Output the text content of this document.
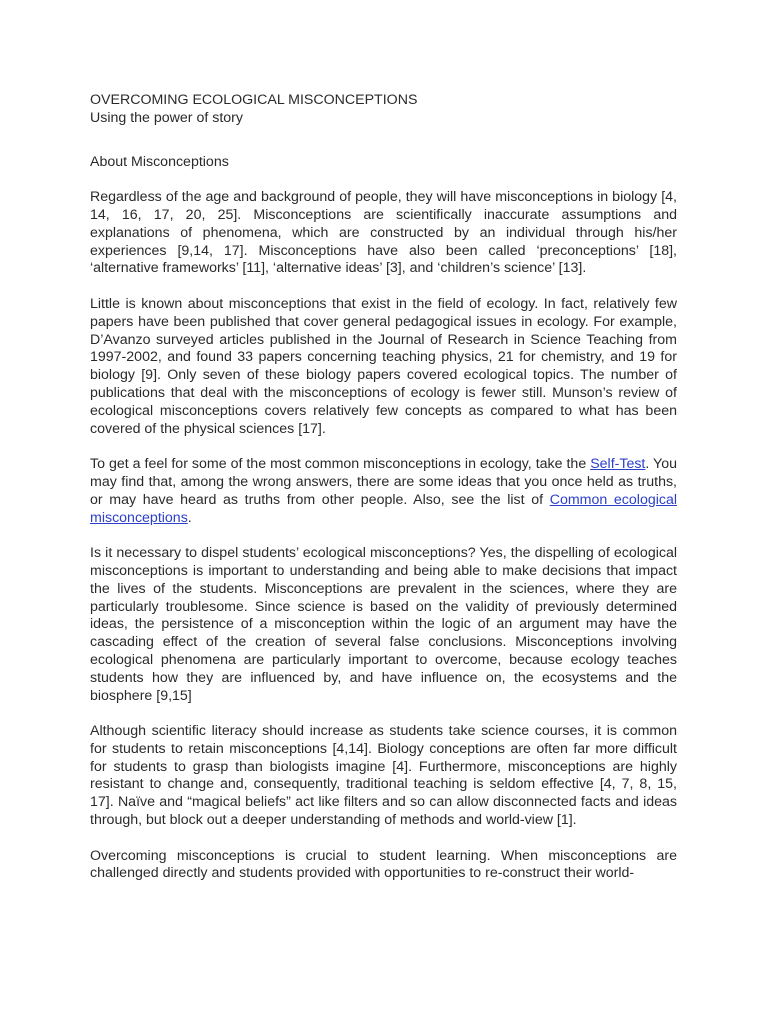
OVERCOMING ECOLOGICAL MISCONCEPTIONS
Using the power of story
About Misconceptions

Regardless of the age and background of people, they will have misconceptions in biology [4, 14, 16, 17, 20, 25]. Misconceptions are scientifically inaccurate assumptions and explanations of phenomena, which are constructed by an individual through his/her experiences [9,14, 17]. Misconceptions have also been called ‘preconceptions’ [18], ‘alternative frameworks’ [11], ‘alternative ideas’ [3], and ‘children’s science’ [13].

Little is known about misconceptions that exist in the field of ecology. In fact, relatively few papers have been published that cover general pedagogical issues in ecology. For example, D’Avanzo surveyed articles published in the Journal of Research in Science Teaching from 1997-2002, and found 33 papers concerning teaching physics, 21 for chemistry, and 19 for biology [9]. Only seven of these biology papers covered ecological topics. The number of publications that deal with the misconceptions of ecology is fewer still. Munson’s review of ecological misconceptions covers relatively few concepts as compared to what has been covered of the physical sciences [17].

To get a feel for some of the most common misconceptions in ecology, take the Self-Test. You may find that, among the wrong answers, there are some ideas that you once held as truths, or may have heard as truths from other people. Also, see the list of Common ecological misconceptions.

Is it necessary to dispel students’ ecological misconceptions? Yes, the dispelling of ecological misconceptions is important to understanding and being able to make decisions that impact the lives of the students. Misconceptions are prevalent in the sciences, where they are particularly troublesome. Since science is based on the validity of previously determined ideas, the persistence of a misconception within the logic of an argument may have the cascading effect of the creation of several false conclusions. Misconceptions involving ecological phenomena are particularly important to overcome, because ecology teaches students how they are influenced by, and have influence on, the ecosystems and the biosphere [9,15]

Although scientific literacy should increase as students take science courses, it is common for students to retain misconceptions [4,14]. Biology conceptions are often far more difficult for students to grasp than biologists imagine [4]. Furthermore, misconceptions are highly resistant to change and, consequently, traditional teaching is seldom effective [4, 7, 8, 15, 17]. Naïve and “magical beliefs” act like filters and so can allow disconnected facts and ideas through, but block out a deeper understanding of methods and world-view [1].

Overcoming misconceptions is crucial to student learning. When misconceptions are challenged directly and students provided with opportunities to re-construct their world-
